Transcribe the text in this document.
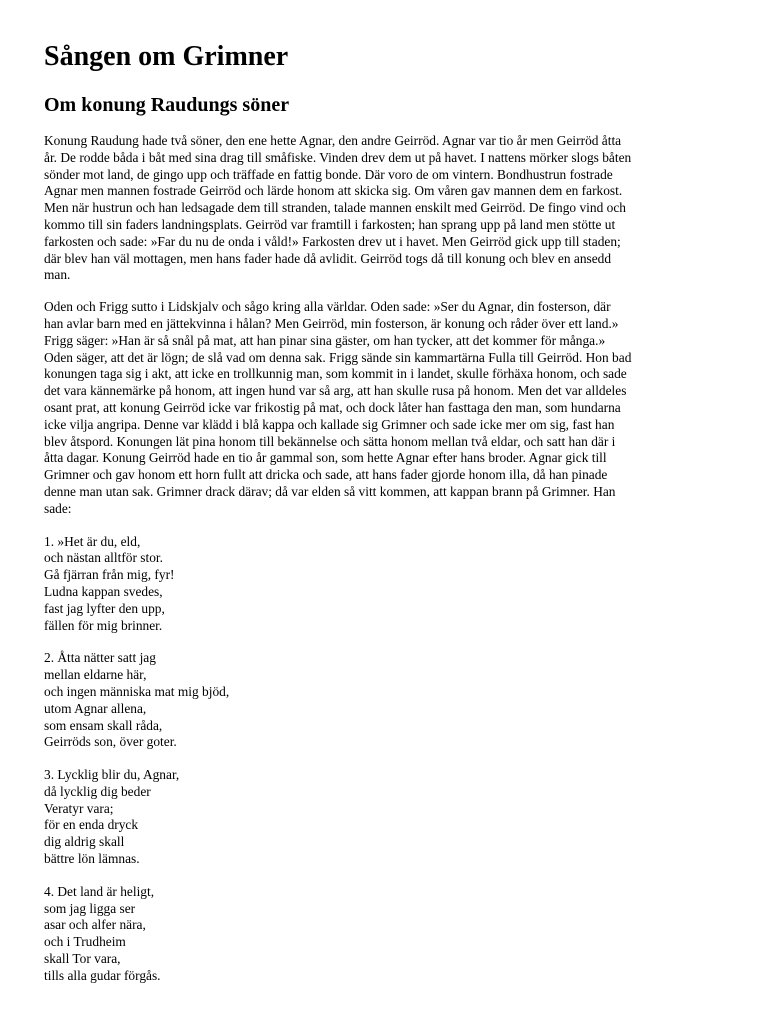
Sången om Grimner
Om konung Raudungs söner

Konung Raudung hade två söner, den ene hette Agnar, den andre Geirröd. Agnar var tio år men Geirröd åtta
år. De rodde båda i båt med sina drag till småfiske. Vinden drev dem ut på havet. I nattens mörker slogs båten
sönder mot land, de gingo upp och träffade en fattig bonde. Där voro de om vintern. Bondhustrun fostrade
Agnar men mannen fostrade Geirröd och lärde honom att skicka sig. Om våren gav mannen dem en farkost.
Men när hustrun och han ledsagade dem till stranden, talade mannen enskilt med Geirröd. De fingo vind och
kommo till sin faders landningsplats. Geirröd var framtill i farkosten; han sprang upp på land men stötte ut
farkosten och sade: »Far du nu de onda i våld!» Farkosten drev ut i havet. Men Geirröd gick upp till staden;
där blev han väl mottagen, men hans fader hade då avlidit. Geirröd togs då till konung och blev en ansedd
man.

Oden och Frigg sutto i Lidskjalv och sågo kring alla världar. Oden sade: »Ser du Agnar, din fosterson, där
han avlar barn med en jättekvinna i hålan? Men Geirröd, min fosterson, är konung och råder över ett land.»
Frigg säger: »Han är så snål på mat, att han pinar sina gäster, om han tycker, att det kommer för många.»
Oden säger, att det är lögn; de slå vad om denna sak. Frigg sände sin kammartärna Fulla till Geirröd. Hon bad
konungen taga sig i akt, att icke en trollkunnig man, som kommit in i landet, skulle förhäxa honom, och sade
det vara kännemärke på honom, att ingen hund var så arg, att han skulle rusa på honom. Men det var alldeles
osant prat, att konung Geirröd icke var frikostig på mat, och dock låter han fasttaga den man, som hundarna
icke vilja angripa. Denne var klädd i blå kappa och kallade sig Grimner och sade icke mer om sig, fast han
blev åtspord. Konungen lät pina honom till bekännelse och sätta honom mellan två eldar, och satt han där i
åtta dagar. Konung Geirröd hade en tio år gammal son, som hette Agnar efter hans broder. Agnar gick till
Grimner och gav honom ett horn fullt att dricka och sade, att hans fader gjorde honom illa, då han pinade
denne man utan sak. Grimner drack därav; då var elden så vitt kommen, att kappan brann på Grimner. Han
sade:

1. »Het är du, eld,
och nästan alltför stor.
Gå fjärran från mig, fyr!
Ludna kappan svedes,
fast jag lyfter den upp,
fällen för mig brinner.
2. Åtta nätter satt jag
mellan eldarne här,
och ingen människa mat mig bjöd,
utom Agnar allena,
som ensam skall råda,
Geirröds son, över goter.
3. Lycklig blir du, Agnar,
då lycklig dig beder
Veratyr vara;
för en enda dryck
dig aldrig skall
bättre lön lämnas.
4. Det land är heligt,
som jag ligga ser
asar och alfer nära,
och i Trudheim
skall Tor vara,
tills alla gudar förgås.
